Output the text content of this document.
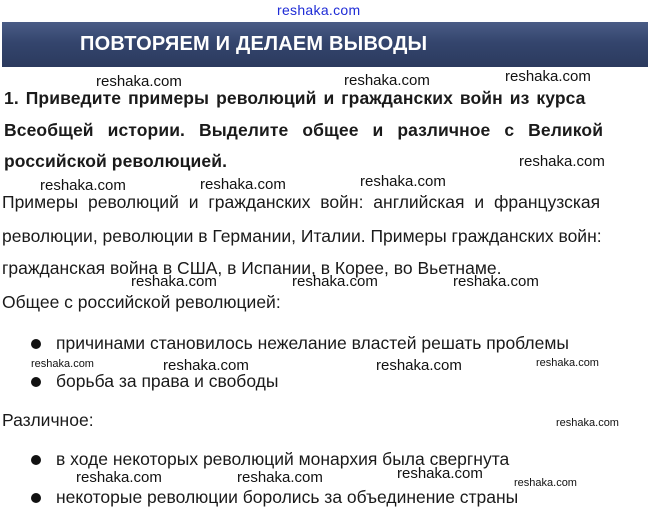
reshaka.com
ПОВТОРЯЕМ И ДЕЛАЕМ ВЫВОДЫ
1. Приведите примеры революций и гражданских войн из курса
Всеобщей истории. Выделите общее и различное с Великой
российской революцией.
Примеры революций и гражданских войн: английская и французская
революции, революции в Германии, Италии. Примеры гражданских войн:
гражданская война в США, в Испании, в Корее, во Вьетнаме.
Общее с российской революцией:
причинами становилось нежелание властей решать проблемы
борьба за права и свободы
Различное:
в ходе некоторых революций монархия была свергнута
некоторые революции боролись за объединение страны
reshaka.com	reshaka.com	reshaka.com
reshaka.com
reshaka.com	reshaka.com	reshaka.com
reshaka.com	reshaka.com	reshaka.com
reshaka.com	reshaka.com	reshaka.com	reshaka.com
reshaka.com
reshaka.com	reshaka.com	reshaka.com
reshaka.com
